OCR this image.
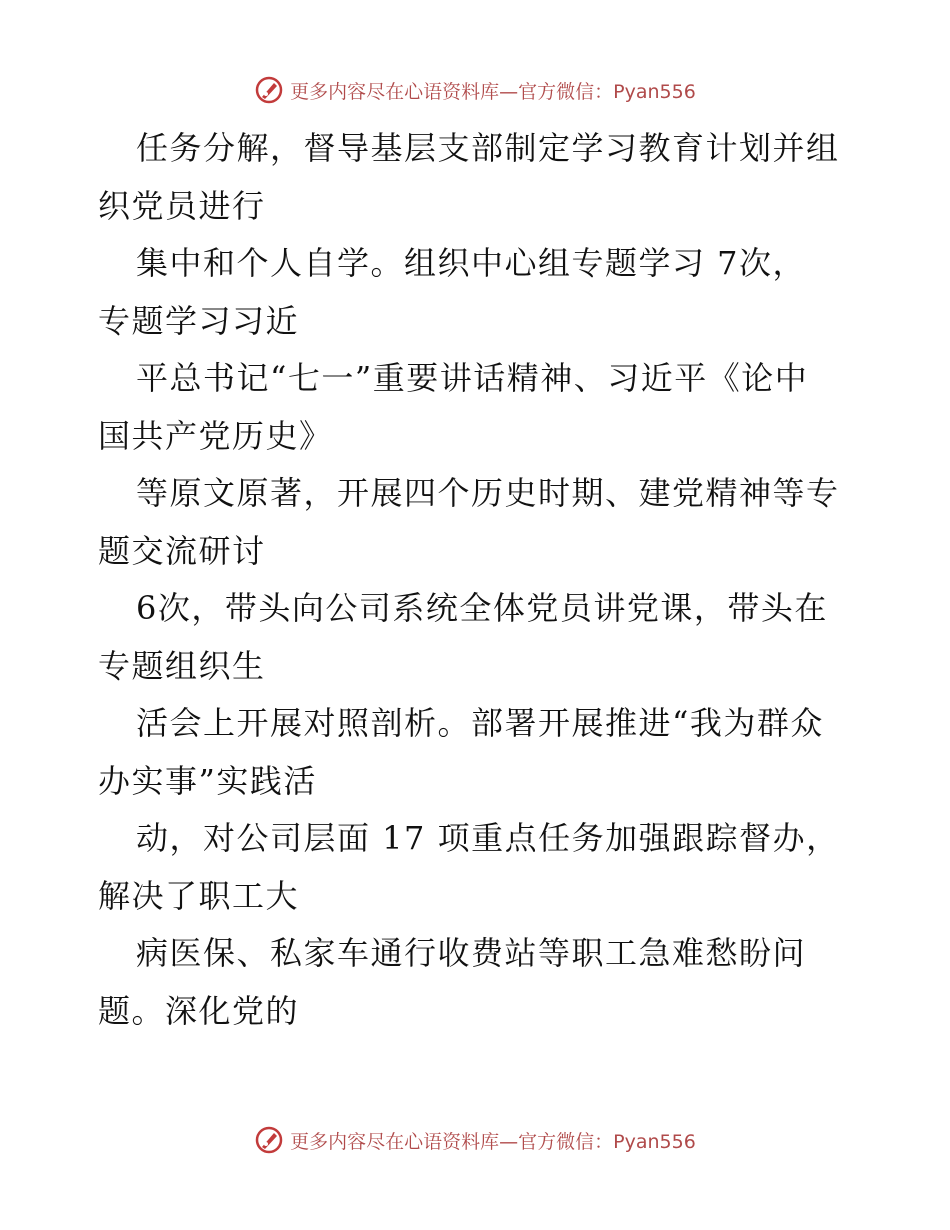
更多内容尽在心语资料库—官方微信：Pyan556
任务分解，督导基层支部制定学习教育计划并组
织党员进行
集中和个人自学。组织中心组专题学习 7次，
专题学习习近
平总书记“七一”重要讲话精神、习近平《论中
国共产党历史》
等原文原著，开展四个历史时期、建党精神等专
题交流研讨
6次，带头向公司系统全体党员讲党课，带头在
专题组织生
活会上开展对照剖析。部署开展推进“我为群众
办实事”实践活
动，对公司层面 17 项重点任务加强跟踪督办，
解决了职工大
病医保、私家车通行收费站等职工急难愁盼问
题。深化党的
更多内容尽在心语资料库—官方微信：Pyan556
